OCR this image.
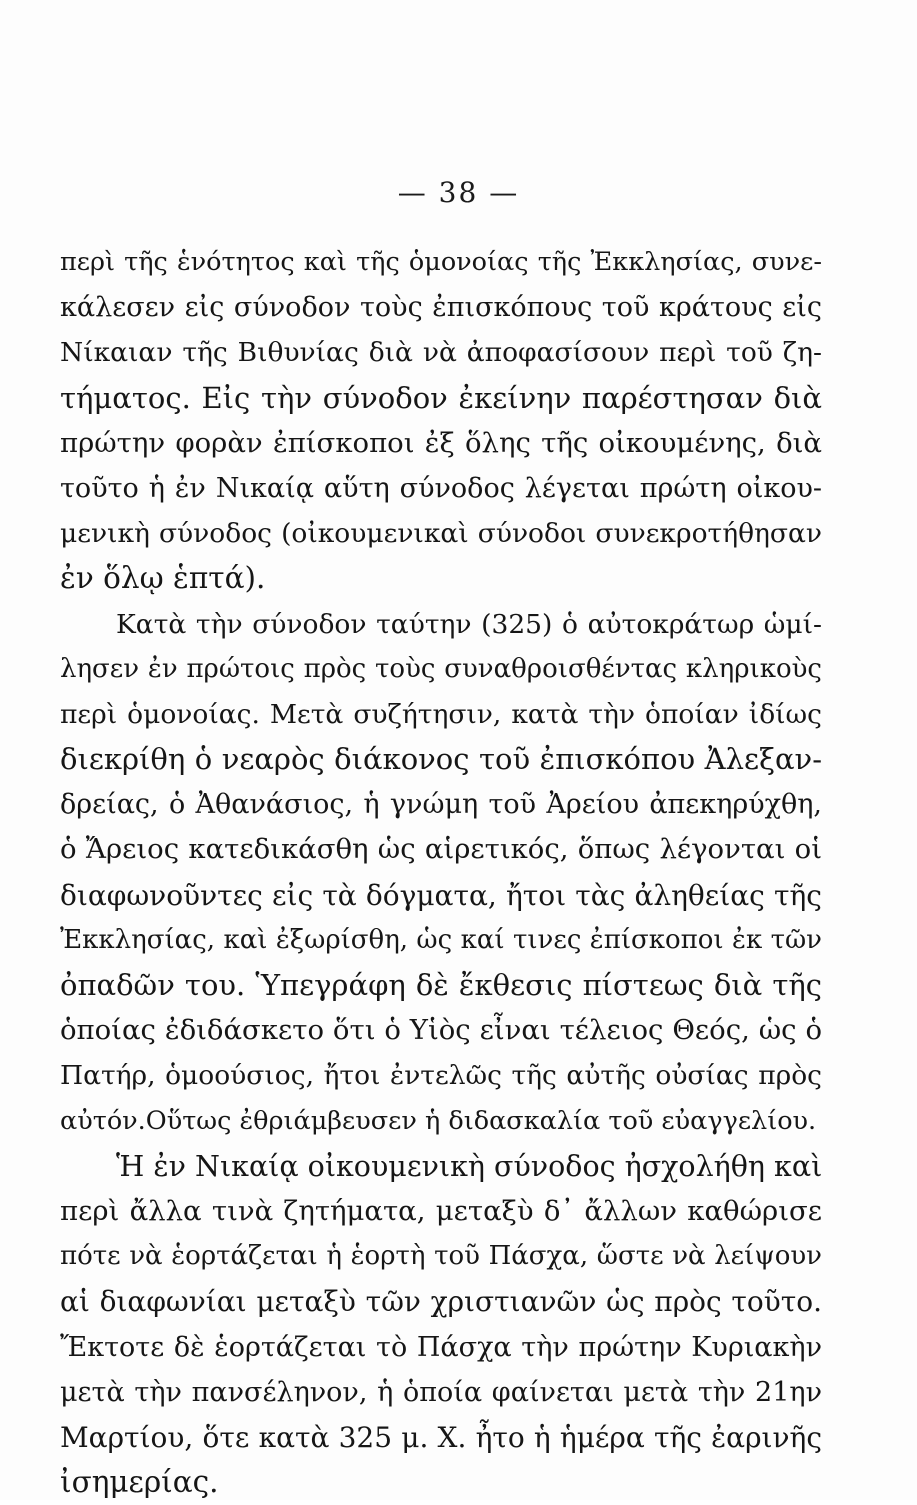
— 38 —
περὶ τῆς ἑνότητος καὶ τῆς ὁμονοίας τῆς Ἐκκλησίας, συνε-
κάλεσεν εἰς σύνοδον τοὺς ἐπισκόπους τοῦ κράτους εἰς
Νίκαιαν τῆς Βιθυνίας διὰ νὰ ἀποφασίσουν περὶ τοῦ ζη-
τήματος. Εἰς τὴν σύνοδον ἐκείνην παρέστησαν διὰ
πρώτην φορὰν ἐπίσκοποι ἐξ ὅλης τῆς οἰκουμένης, διὰ
τοῦτο ἡ ἐν Νικαίᾳ αὕτη σύνοδος λέγεται πρώτη οἰκου-
μενικὴ σύνοδος (οἰκουμενικαὶ σύνοδοι συνεκροτήθησαν
ἐν ὅλῳ ἑπτά).
Κατὰ τὴν σύνοδον ταύτην (325) ὁ αὐτοκράτωρ ὡμί-
λησεν ἐν πρώτοις πρὸς τοὺς συναθροισθέντας κληρικοὺς
περὶ ὁμονοίας. Μετὰ συζήτησιν, κατὰ τὴν ὁποίαν ἰδίως
διεκρίθη ὁ νεαρὸς διάκονος τοῦ ἐπισκόπου Ἀλεξαν-
δρείας, ὁ Ἀθανάσιος, ἡ γνώμη τοῦ Ἀρείου ἀπεκηρύχθη,
ὁ Ἄρειος κατεδικάσθη ὡς αἱρετικός, ὅπως λέγονται οἱ
διαφωνοῦντες εἰς τὰ δόγματα, ἤτοι τὰς ἀληθείας τῆς
Ἐκκλησίας, καὶ ἐξωρίσθη, ὡς καί τινες ἐπίσκοποι ἐκ τῶν
ὀπαδῶν του. Ὑπεγράφη δὲ ἔκθεσις πίστεως διὰ τῆς
ὁποίας ἐδιδάσκετο ὅτι ὁ Υἱὸς εἶναι τέλειος Θεός, ὡς ὁ
Πατήρ, ὁμοούσιος, ἤτοι ἐντελῶς τῆς αὐτῆς οὐσίας πρὸς
αὐτόν.Οὕτως ἐθριάμβευσεν ἡ διδασκαλία τοῦ εὐαγγελίου.
Ἡ ἐν Νικαίᾳ οἰκουμενικὴ σύνοδος ἠσχολήθη καὶ
περὶ ἄλλα τινὰ ζητήματα, μεταξὺ δ᾽ ἄλλων καθώρισε
πότε νὰ ἑορτάζεται ἡ ἑορτὴ τοῦ Πάσχα, ὥστε νὰ λείψουν
αἱ διαφωνίαι μεταξὺ τῶν χριστιανῶν ὡς πρὸς τοῦτο.
Ἔκτοτε δὲ ἑορτάζεται τὸ Πάσχα τὴν πρώτην Κυριακὴν
μετὰ τὴν πανσέληνον, ἡ ὁποία φαίνεται μετὰ τὴν 21ην
Μαρτίου, ὅτε κατὰ 325 μ. Χ. ἦτο ἡ ἡμέρα τῆς ἐαρινῆς
ἰσημερίας.
